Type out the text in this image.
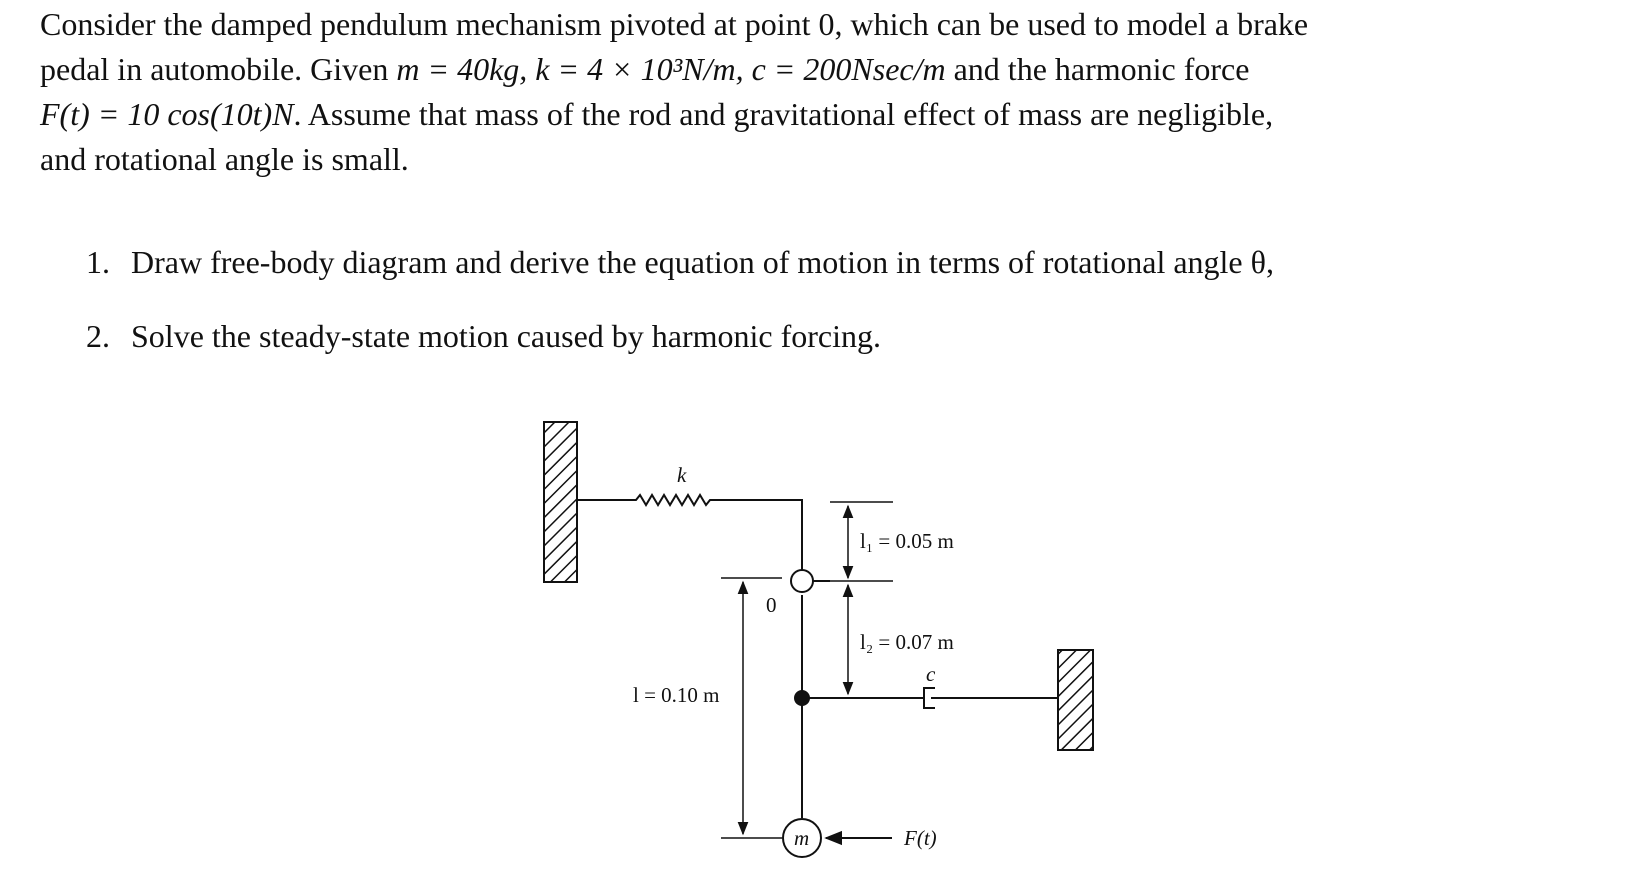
Consider the damped pendulum mechanism pivoted at point 0, which can be used to model a brake
pedal in automobile. Given m = 40kg, k = 4 × 10³N/m, c = 200Nsec/m and the harmonic force
F(t) = 10 cos(10t)N. Assume that mass of the rod and gravitational effect of mass are negligible,
and rotational angle is small.
1. Draw free-body diagram and derive the equation of motion in terms of rotational angle θ,
2. Solve the steady-state motion caused by harmonic forcing.
k
0
c
l₁ = 0.05 m
l₂ = 0.07 m
l = 0.10 m
m	F(t)
